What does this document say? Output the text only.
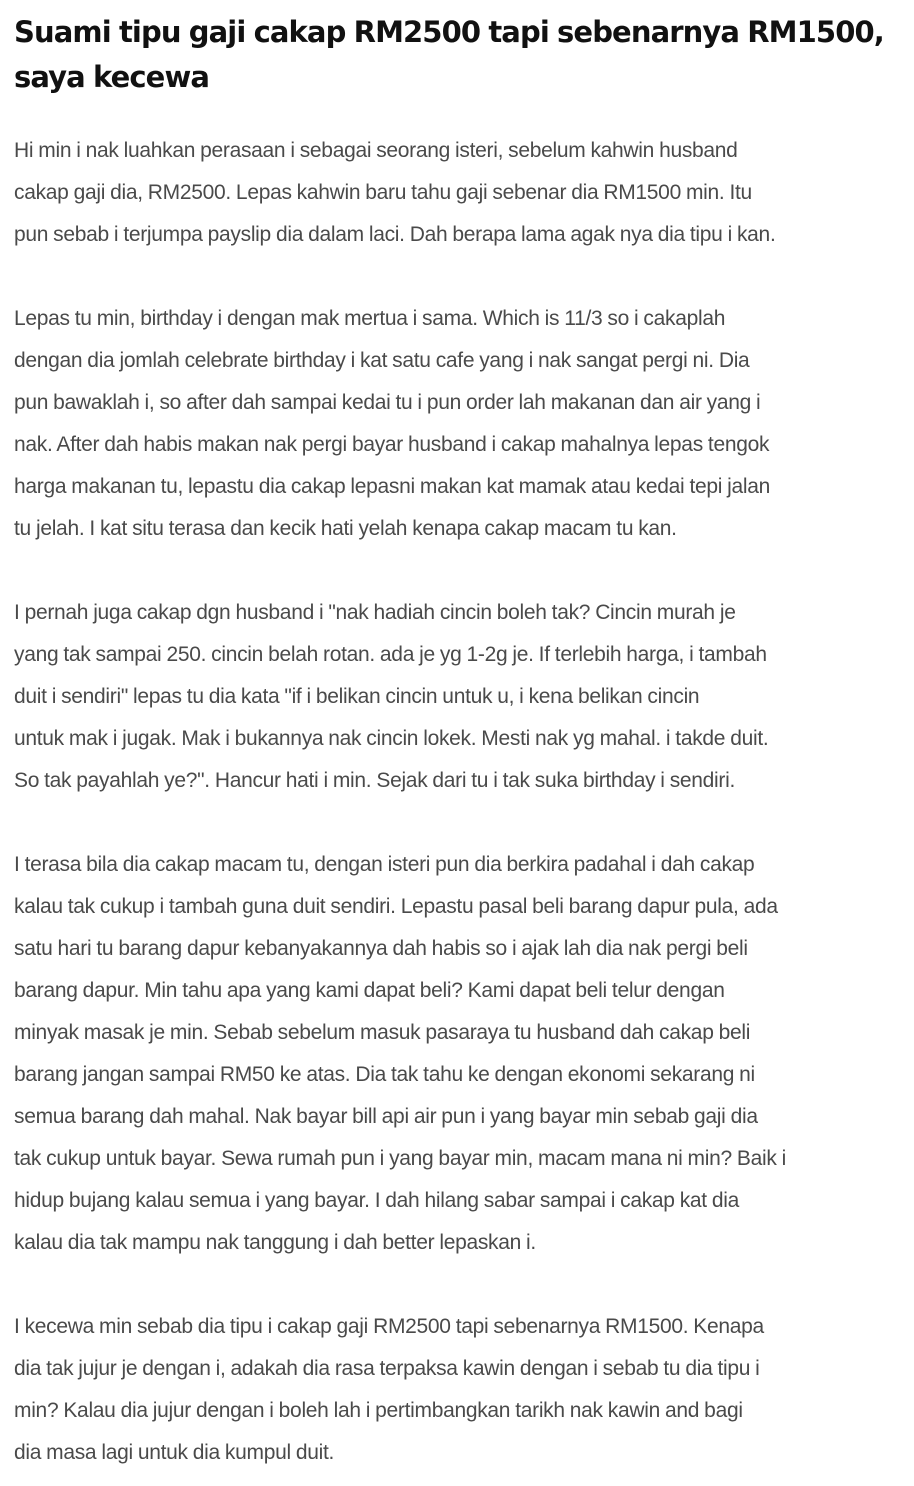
Suami tipu gaji cakap RM2500 tapi sebenarnya RM1500,
saya kecewa

Hi min i nak luahkan perasaan i sebagai seorang isteri, sebelum kahwin husband
cakap gaji dia, RM2500. Lepas kahwin baru tahu gaji sebenar dia RM1500 min. Itu
pun sebab i terjumpa payslip dia dalam laci. Dah berapa lama agak nya dia tipu i kan.

Lepas tu min, birthday i dengan mak mertua i sama. Which is 11/3 so i cakaplah
dengan dia jomlah celebrate birthday i kat satu cafe yang i nak sangat pergi ni. Dia
pun bawaklah i, so after dah sampai kedai tu i pun order lah makanan dan air yang i
nak. After dah habis makan nak pergi bayar husband i cakap mahalnya lepas tengok
harga makanan tu, lepastu dia cakap lepasni makan kat mamak atau kedai tepi jalan
tu jelah. I kat situ terasa dan kecik hati yelah kenapa cakap macam tu kan.

I pernah juga cakap dgn husband i "nak hadiah cincin boleh tak? Cincin murah je
yang tak sampai 250. cincin belah rotan. ada je yg 1-2g je. If terlebih harga, i tambah
duit i sendiri" lepas tu dia kata "if i belikan cincin untuk u, i kena belikan cincin
untuk mak i jugak. Mak i bukannya nak cincin lokek. Mesti nak yg mahal. i takde duit.
So tak payahlah ye?". Hancur hati i min. Sejak dari tu i tak suka birthday i sendiri.

I terasa bila dia cakap macam tu, dengan isteri pun dia berkira padahal i dah cakap
kalau tak cukup i tambah guna duit sendiri. Lepastu pasal beli barang dapur pula, ada
satu hari tu barang dapur kebanyakannya dah habis so i ajak lah dia nak pergi beli
barang dapur. Min tahu apa yang kami dapat beli? Kami dapat beli telur dengan
minyak masak je min. Sebab sebelum masuk pasaraya tu husband dah cakap beli
barang jangan sampai RM50 ke atas. Dia tak tahu ke dengan ekonomi sekarang ni
semua barang dah mahal. Nak bayar bill api air pun i yang bayar min sebab gaji dia
tak cukup untuk bayar. Sewa rumah pun i yang bayar min, macam mana ni min? Baik i
hidup bujang kalau semua i yang bayar. I dah hilang sabar sampai i cakap kat dia
kalau dia tak mampu nak tanggung i dah better lepaskan i.

I kecewa min sebab dia tipu i cakap gaji RM2500 tapi sebenarnya RM1500. Kenapa
dia tak jujur je dengan i, adakah dia rasa terpaksa kawin dengan i sebab tu dia tipu i
min? Kalau dia jujur dengan i boleh lah i pertimbangkan tarikh nak kawin and bagi
dia masa lagi untuk dia kumpul duit.
